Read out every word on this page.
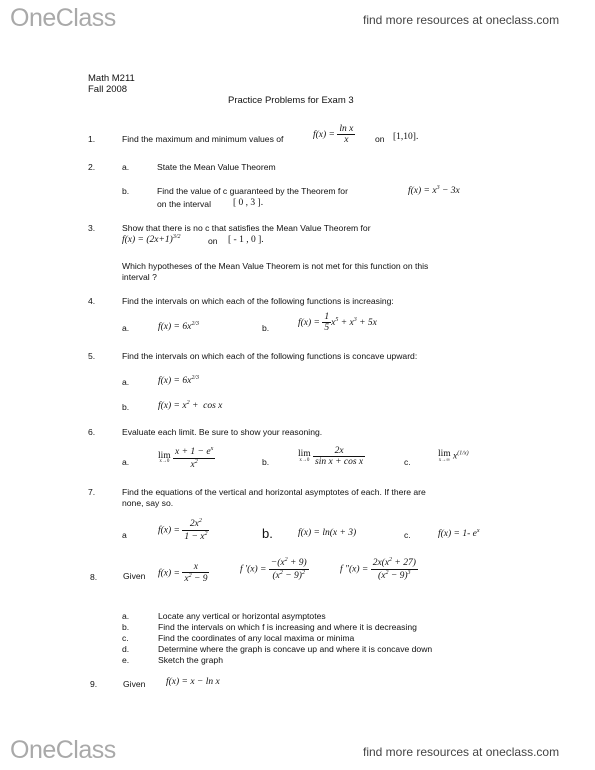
OneClass	find more resources at oneclass.com
Math M211
Fall 2008
Practice Problems for Exam 3
1.	Find the maximum and minimum values of	$f(x) = \frac{\text{ln x}}{x}$ on [1,10].
2.	a.	State the Mean Value Theorem
b.	Find the value of c guaranteed by the Theorem for	$f(x) = x^3 - 3x$
on the interval [ 0 , 3 ].
3.	Show that there is no c that satisfies the Mean Value Theorem for
$f(x) = (2x+1)^{3/2}$	on [ - 1 , 0 ].
Which hypotheses of the Mean Value Theorem is not met for this function on this
interval ?
4.	Find the intervals on which each of the following functions is increasing:
a.	$f(x) = 6x^{2/3}$	b.	$f(x) = \frac{1}{5} x^5 + x^3 + 5x$
5.	Find the intervals on which each of the following functions is concave upward:
a.	$f(x) = 6x^{2/3}$
b.	$f(x) = x^2 + \cos x$
6.	Evaluate each limit. Be sure to show your reasoning.
a.
lim
x→0
$\frac{x + 1 - e^x}{x^2}$	b.
lim
x→0
$\frac{2x}{\text{sin x + cos x}}$	c.
lim
x→∞ $x^{(1/x)}$
7.	Find the equations of the vertical and horizontal asymptotes of each. If there are
none, say so.
a	$f(x) = \frac{2x^2}{1 - x^2}$	b.	f(x) = ln(x + 3)	c.	f(x) = 1- $e^x$
8.	Given $f(x) = \frac{x}{x^2 - 9}$	f $'(x) = \frac{-(x^2 + 9)}{(x^2 - 9)^2}$	f $''(x) = \frac{2x(x^2 + 27)}{(x^2 - 9)^3}$
a.	Locate any vertical or horizontal asymptotes
b.	Find the intervals on which f is increasing and where it is decreasing
c.	Find the coordinates of any local maxima or minima
d.	Determine where the graph is concave up and where it is concave down
e.	Sketch the graph
9.	Given f(x) = x − ln x
OneClass	find more resources at oneclass.com
